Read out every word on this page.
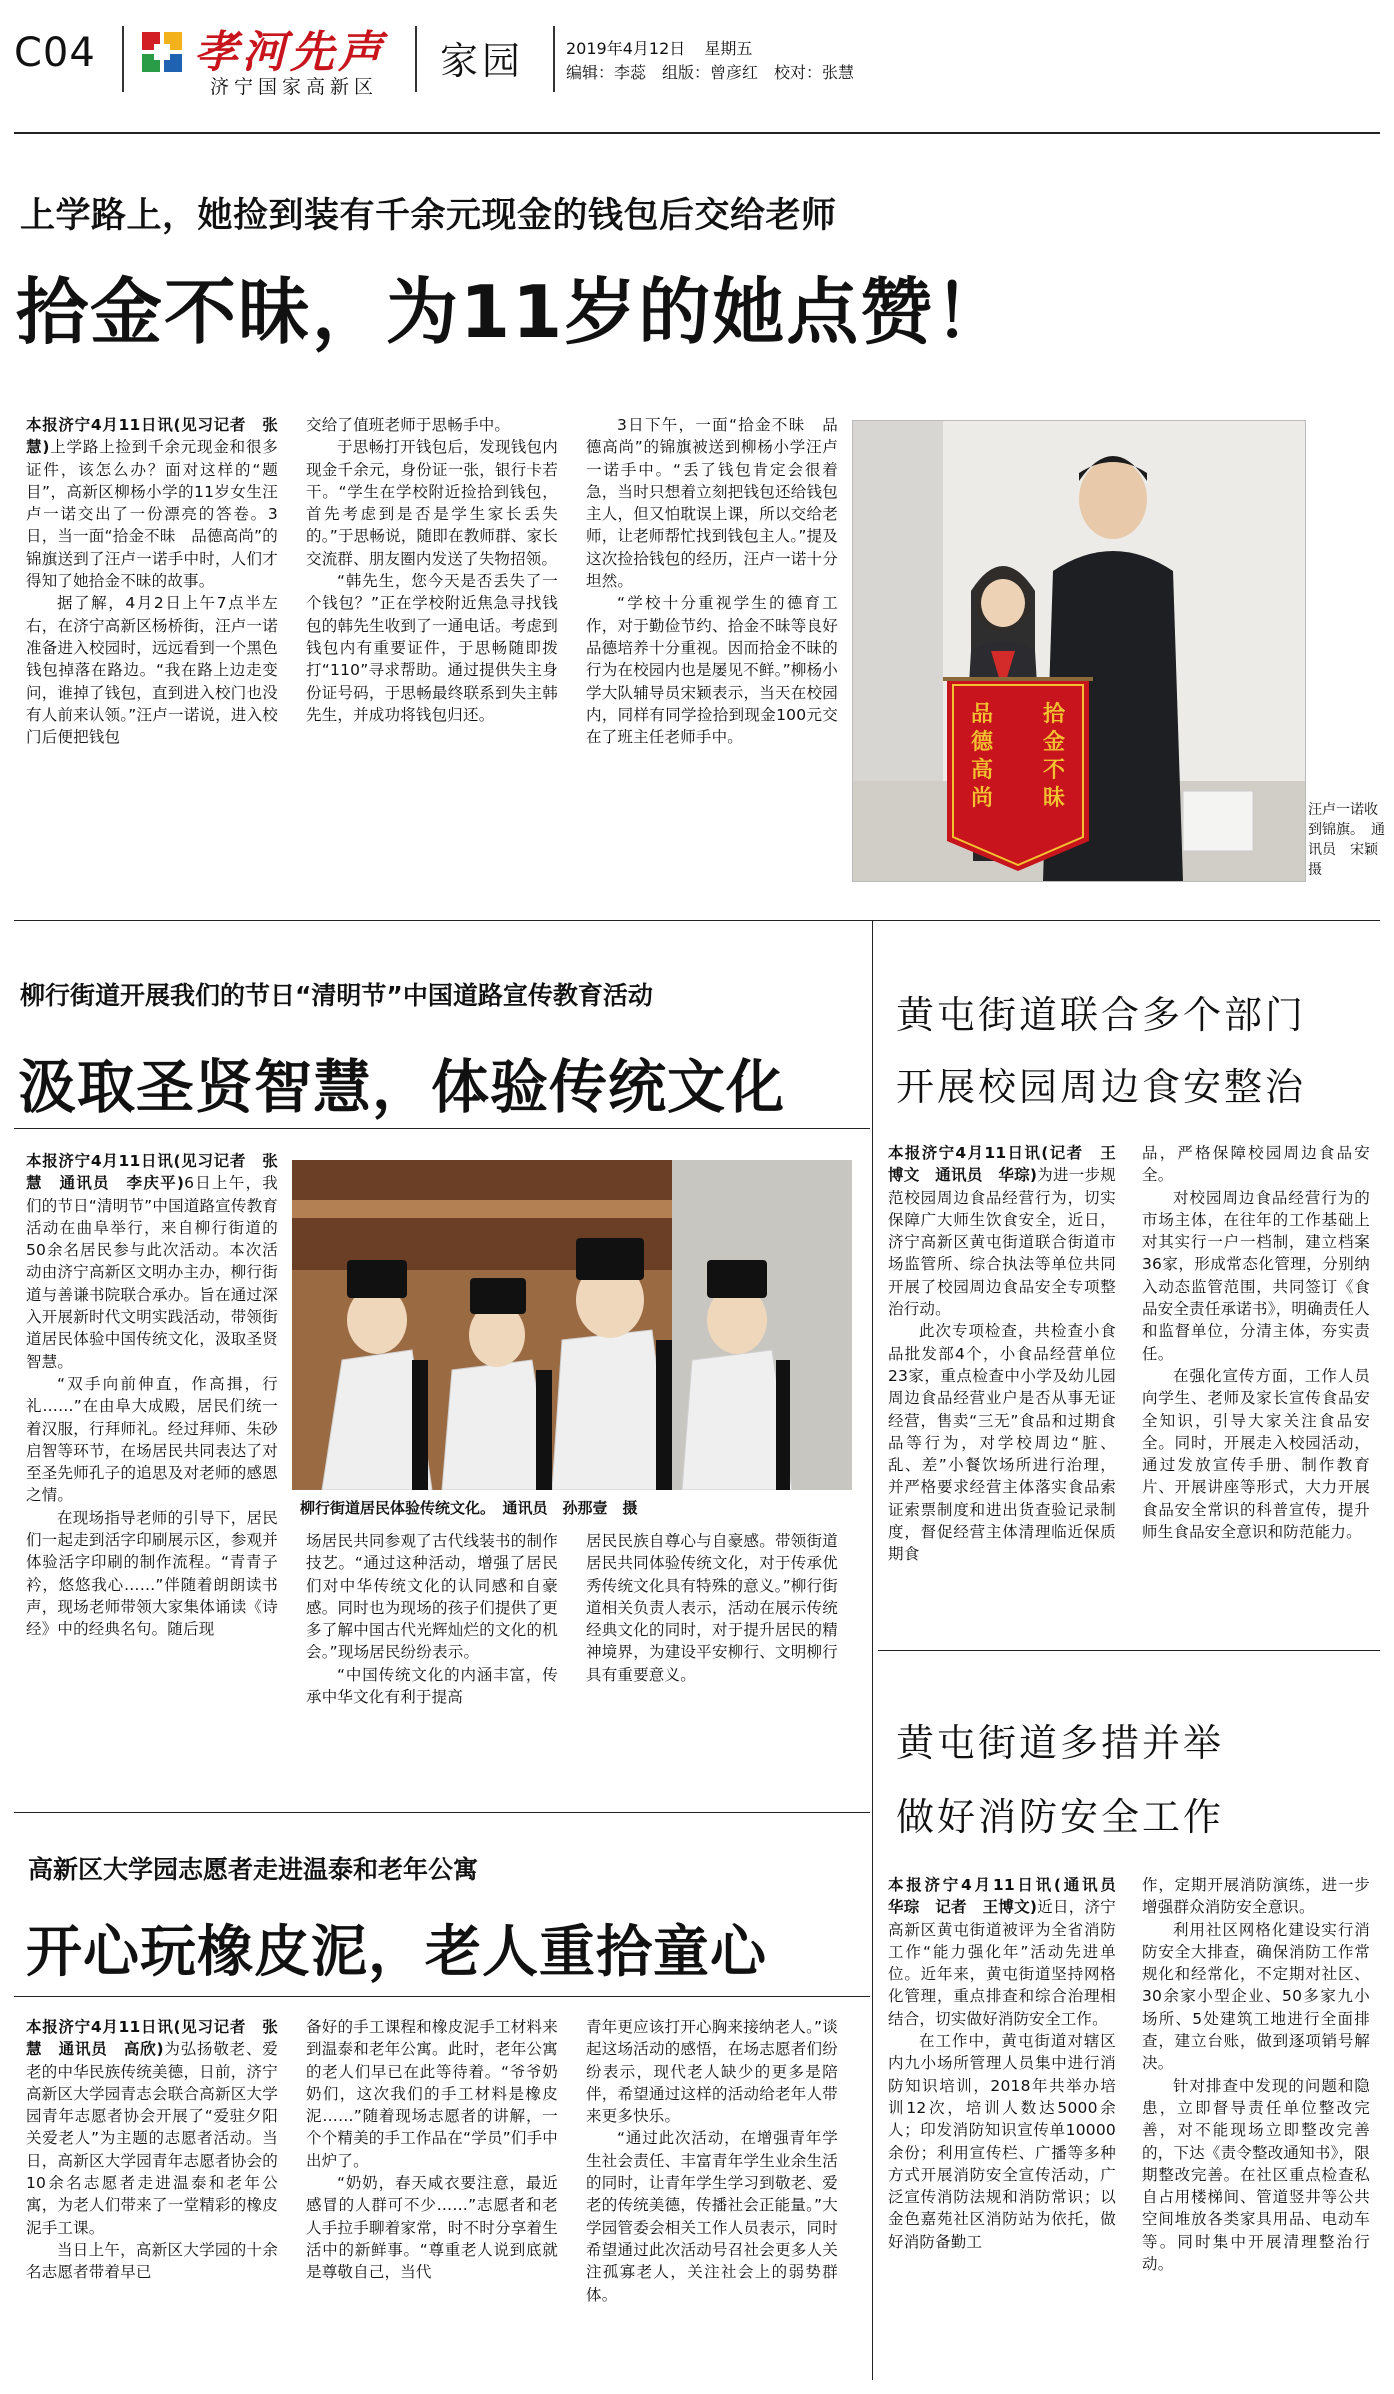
C04 孝河先声
济宁国家高新区
家园	2019年4月12日 星期五
编辑：李蕊　组版：曾彦红　校对：张慧
上学路上，她捡到装有千余元现金的钱包后交给老师
拾金不昧，为11岁的她点赞！

本报济宁4月11日讯(见习记者　张慧)上学路上捡到千余元现金和很多证件，该怎么办？面对这样的“题目”，高新区柳杨小学的11岁女生汪卢一诺交出了一份漂亮的答卷。3日，当一面“拾金不昧　品德高尚”的锦旗送到了汪卢一诺手中时，人们才得知了她拾金不昧的故事。

据了解，4月2日上午7点半左右，在济宁高新区杨桥街，汪卢一诺准备进入校园时，远远看到一个黑色钱包掉落在路边。“我在路上边走变问，谁掉了钱包，直到进入校门也没有人前来认领。”汪卢一诺说，进入校门后便把钱包

交给了值班老师于思畅手中。

于思畅打开钱包后，发现钱包内现金千余元，身份证一张，银行卡若干。“学生在学校附近捡拾到钱包，首先考虑到是否是学生家长丢失的。”于思畅说，随即在教师群、家长交流群、朋友圈内发送了失物招领。

“韩先生，您今天是否丢失了一个钱包？”正在学校附近焦急寻找钱包的韩先生收到了一通电话。考虑到钱包内有重要证件，于思畅随即拨打“110”寻求帮助。通过提供失主身份证号码，于思畅最终联系到失主韩先生，并成功将钱包归还。

3日下午，一面“拾金不昧　品德高尚”的锦旗被送到柳杨小学汪卢一诺手中。“丢了钱包肯定会很着急，当时只想着立刻把钱包还给钱包主人，但又怕耽误上课，所以交给老师，让老师帮忙找到钱包主人。”提及这次捡拾钱包的经历，汪卢一诺十分坦然。

“学校十分重视学生的德育工作，对于勤俭节约、拾金不昧等良好品德培养十分重视。因而拾金不昧的行为在校园内也是屡见不鲜。”柳杨小学大队辅导员宋颖表示，当天在校园内，同样有同学捡拾到现金100元交在了班主任老师手中。

拾
金
不
昧
品
德
高
尚	汪卢一诺收到锦旗。　通讯员　宋颖　摄
柳行街道开展我们的节日“清明节”中国道路宣传教育活动
汲取圣贤智慧，体验传统文化

本报济宁4月11日讯(见习记者　张慧　通讯员　李庆平)6日上午，我们的节日“清明节”中国道路宣传教育活动在曲阜举行，来自柳行街道的50余名居民参与此次活动。本次活动由济宁高新区文明办主办，柳行街道与善谦书院联合承办。旨在通过深入开展新时代文明实践活动，带领街道居民体验中国传统文化，汲取圣贤智慧。

“双手向前伸直，作高揖，行礼……”在由阜大成殿，居民们统一着汉服，行拜师礼。经过拜师、朱砂启智等环节，在场居民共同表达了对至圣先师孔子的追思及对老师的感恩之情。

在现场指导老师的引导下，居民们一起走到活字印刷展示区，参观并体验活字印刷的制作流程。“青青子衿，悠悠我心……”伴随着朗朗读书声，现场老师带领大家集体诵读《诗经》中的经典名句。随后现

柳行街道居民体验传统文化。　通讯员　孙那壹　摄

场居民共同参观了古代线装书的制作技艺。“通过这种活动，增强了居民们对中华传统文化的认同感和自豪感。同时也为现场的孩子们提供了更多了解中国古代光辉灿烂的文化的机会。”现场居民纷纷表示。

“中国传统文化的内涵丰富，传承中华文化有利于提高

居民民族自尊心与自豪感。带领街道居民共同体验传统文化，对于传承优秀传统文化具有特殊的意义。”柳行街道相关负责人表示，活动在展示传统经典文化的同时，对于提升居民的精神境界，为建设平安柳行、文明柳行具有重要意义。

黄屯街道联合多个部门
开展校园周边食安整治

本报济宁4月11日讯(记者　王博文　通讯员　华琮)为进一步规范校园周边食品经营行为，切实保障广大师生饮食安全，近日，济宁高新区黄屯街道联合街道市场监管所、综合执法等单位共同开展了校园周边食品安全专项整治行动。

此次专项检查，共检查小食品批发部4个，小食品经营单位23家，重点检查中小学及幼儿园周边食品经营业户是否从事无证经营，售卖“三无”食品和过期食品等行为，对学校周边“脏、乱、差”小餐饮场所进行治理，并严格要求经营主体落实食品索证索票制度和进出货查验记录制度，督促经营主体清理临近保质期食

品，严格保障校园周边食品安全。

对校园周边食品经营行为的市场主体，在往年的工作基础上对其实行一户一档制，建立档案36家，形成常态化管理，分别纳入动态监管范围，共同签订《食品安全责任承诺书》，明确责任人和监督单位，分清主体，夯实责任。

在强化宣传方面，工作人员向学生、老师及家长宣传食品安全知识，引导大家关注食品安全。同时，开展走入校园活动，通过发放宣传手册、制作教育片、开展讲座等形式，大力开展食品安全常识的科普宣传，提升师生食品安全意识和防范能力。

黄屯街道多措并举
做好消防安全工作

本报济宁4月11日讯(通讯员　华琮　记者　王博文)近日，济宁高新区黄屯街道被评为全省消防工作“能力强化年”活动先进单位。近年来，黄屯街道坚持网格化管理，重点排查和综合治理相结合，切实做好消防安全工作。

在工作中，黄屯街道对辖区内九小场所管理人员集中进行消防知识培训，2018年共举办培训12次，培训人数达5000余人；印发消防知识宣传单10000余份；利用宣传栏、广播等多种方式开展消防安全宣传活动，广泛宣传消防法规和消防常识；以金色嘉苑社区消防站为依托，做好消防备勤工

作，定期开展消防演练，进一步增强群众消防安全意识。

利用社区网格化建设实行消防安全大排查，确保消防工作常规化和经常化，不定期对社区、30余家小型企业、50多家九小场所、5处建筑工地进行全面排查，建立台账，做到逐项销号解决。

针对排查中发现的问题和隐患，立即督导责任单位整改完善，对不能现场立即整改完善的，下达《责令整改通知书》，限期整改完善。在社区重点检查私自占用楼梯间、管道竖井等公共空间堆放各类家具用品、电动车等。同时集中开展清理整治行动。

高新区大学园志愿者走进温泰和老年公寓
开心玩橡皮泥，老人重拾童心

本报济宁4月11日讯(见习记者　张慧　通讯员　高欣)为弘扬敬老、爱老的中华民族传统美德，日前，济宁高新区大学园青志会联合高新区大学园青年志愿者协会开展了“爱驻夕阳　关爱老人”为主题的志愿者活动。当日，高新区大学园青年志愿者协会的10余名志愿者走进温泰和老年公寓，为老人们带来了一堂精彩的橡皮泥手工课。

当日上午，高新区大学园的十余名志愿者带着早已

备好的手工课程和橡皮泥手工材料来到温泰和老年公寓。此时，老年公寓的老人们早已在此等待着。“爷爷奶奶们，这次我们的手工材料是橡皮泥……”随着现场志愿者的讲解，一个个精美的手工作品在“学员”们手中出炉了。

“奶奶，春天咸衣要注意，最近感冒的人群可不少……”志愿者和老人手拉手聊着家常，时不时分享着生活中的新鲜事。“尊重老人说到底就是尊敬自己，当代

青年更应该打开心胸来接纳老人。”谈起这场活动的感悟，在场志愿者们纷纷表示，现代老人缺少的更多是陪伴，希望通过这样的活动给老年人带来更多快乐。

“通过此次活动，在增强青年学生社会责任、丰富青年学生业余生活的同时，让青年学生学习到敬老、爱老的传统美德，传播社会正能量。”大学园管委会相关工作人员表示，同时希望通过此次活动号召社会更多人关注孤寡老人，关注社会上的弱势群体。
